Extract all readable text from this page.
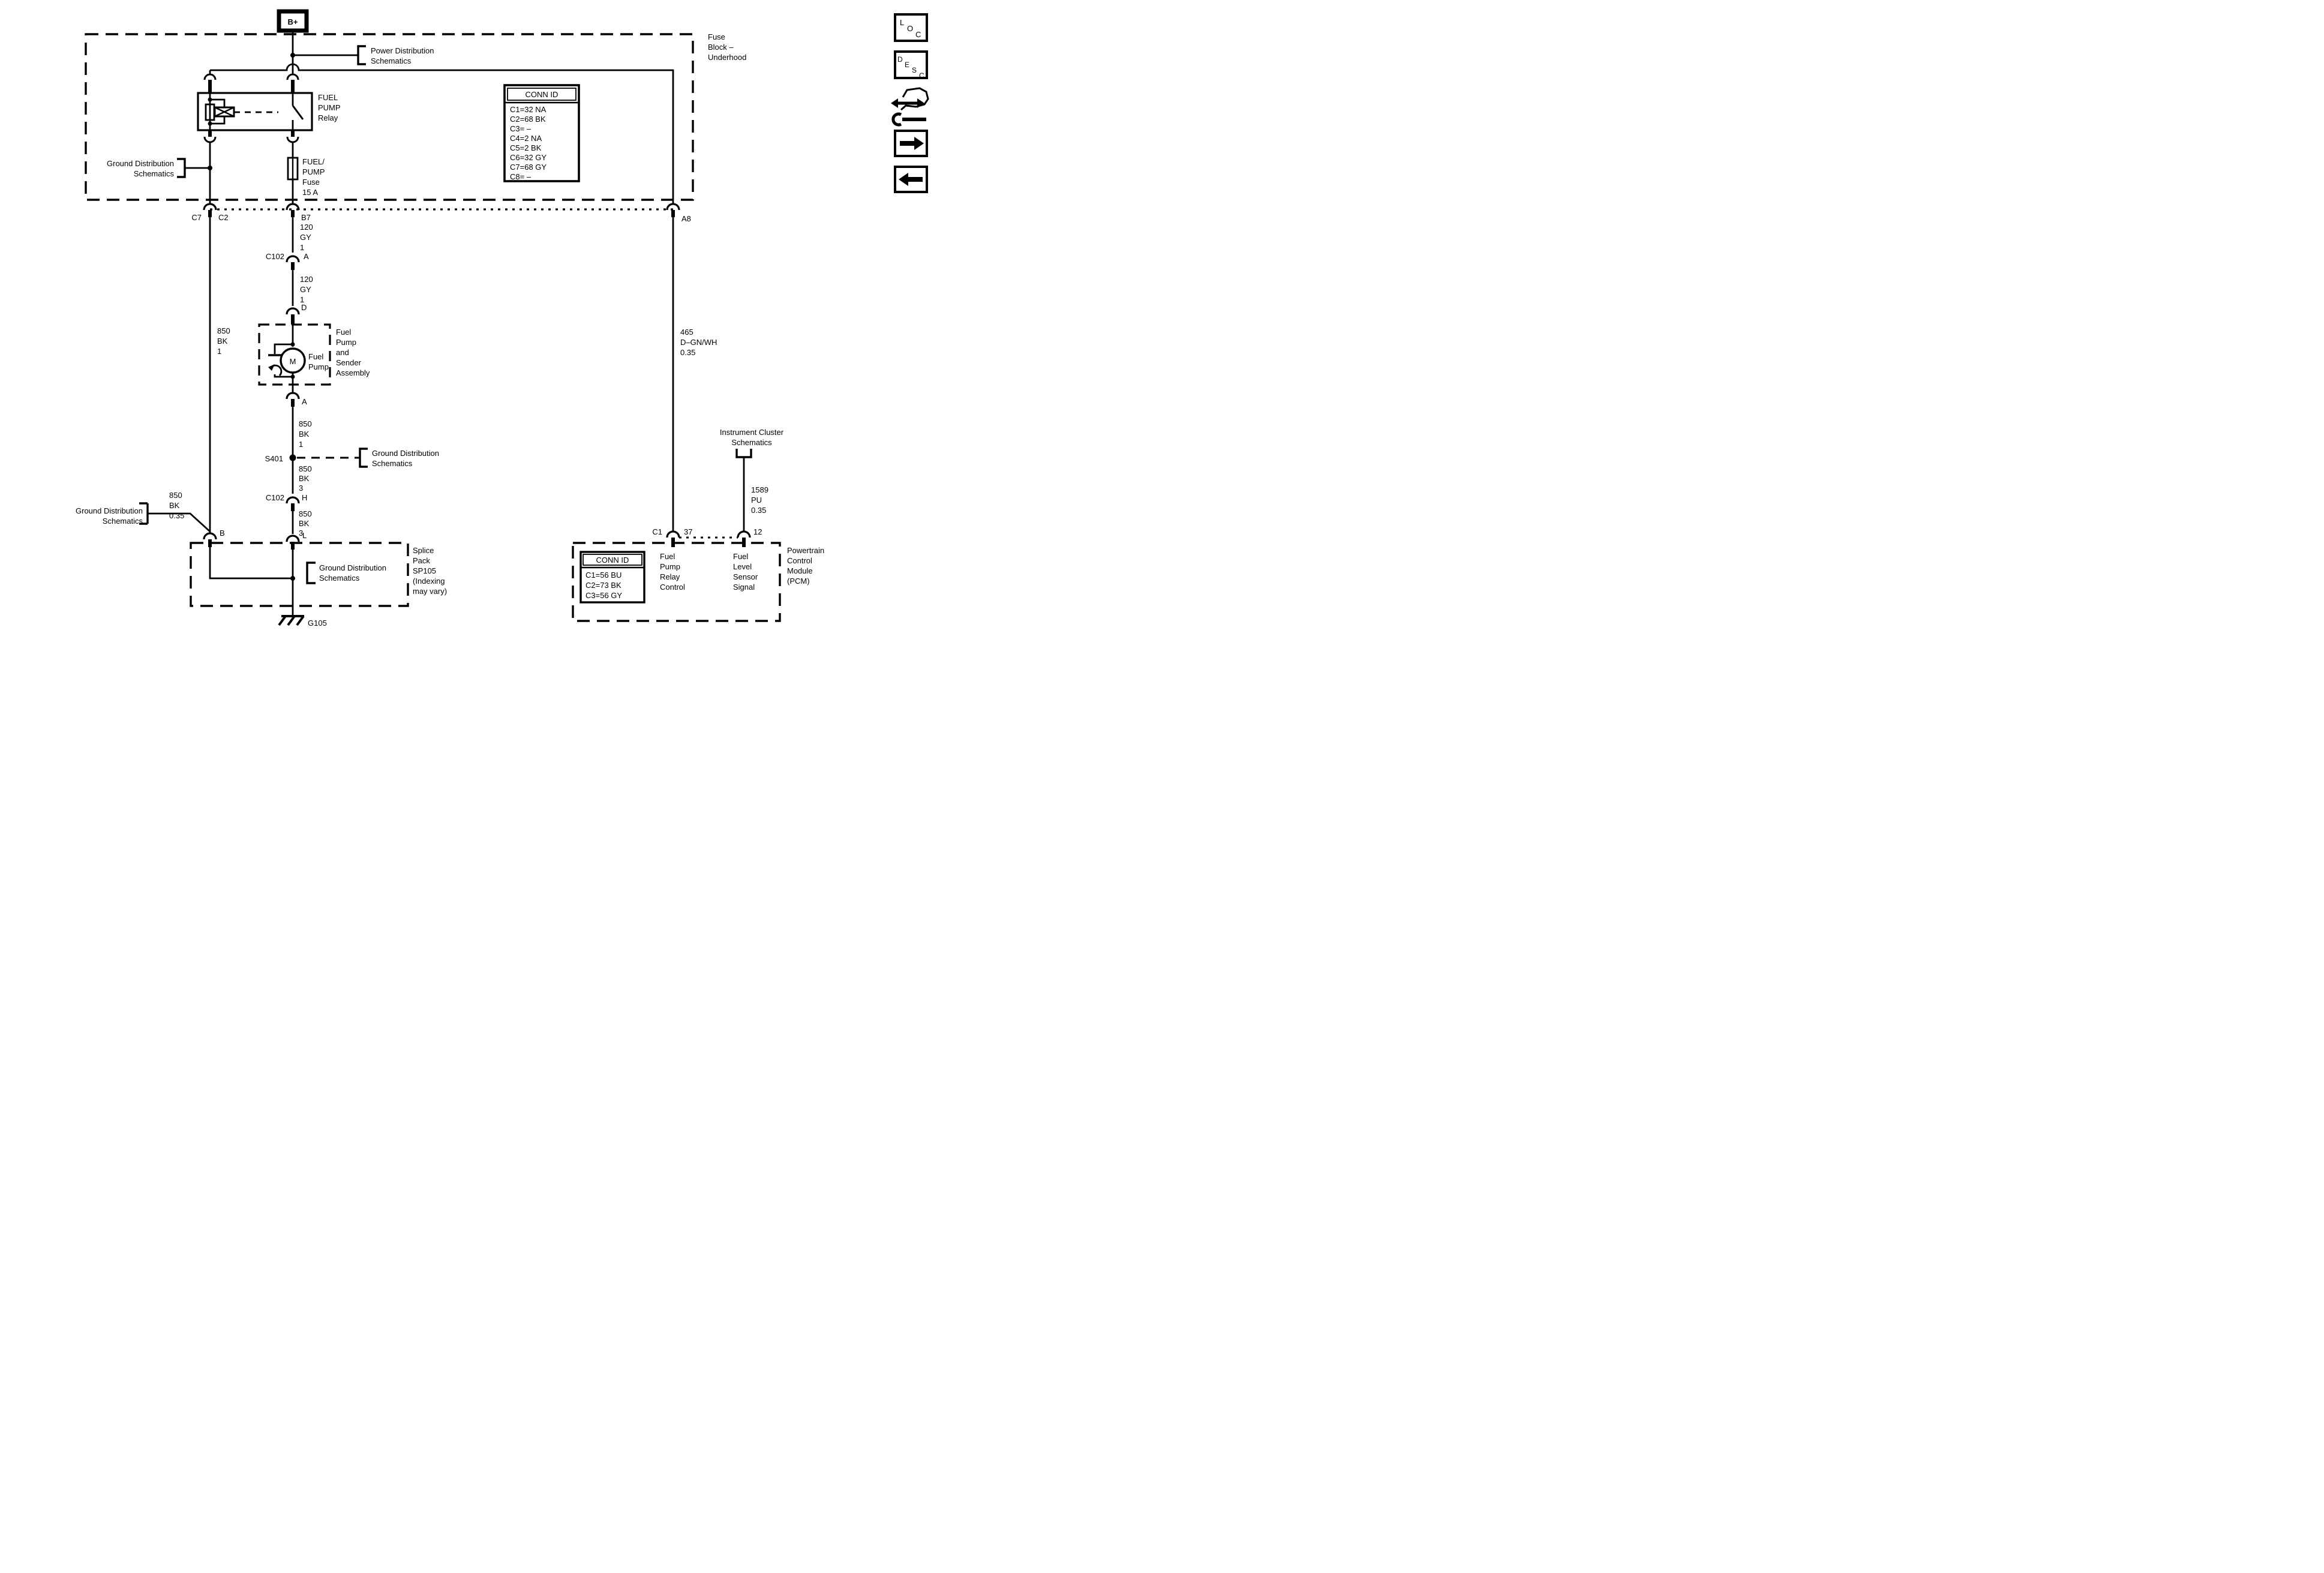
Fuse
Block –
Underhood
Power Distribution
Schematics
FUEL
PUMP
Relay
Ground Distribution
Schematics
FUEL/
PUMP
Fuse
15 A
CONN ID
C1=32 NA
C2=68 BK
C3= –
C4=2 NA
C5=2 BK
C6=32 GY
C7=68 GY
C8= –
C7 C2	B7	A8
850
BK
1
850
BK
0.35
Ground Distribution
Schematics
B
120
GY
1
C102 A
120
GY
1
D
M
Fuel
Pump
Fuel
Pump
and
Sender
Assembly
A
850
BK
1
S401
Ground Distribution
Schematics
850
BK
3
C102 H
850
BK
3
L
Ground Distribution
Schematics
Splice
Pack
SP105
(Indexing
may vary)
G105
465
D–GN/WH
0.35
Instrument Cluster
Schematics
1589
PU
0.35
C1	37	12
Powertrain
Control
Module
(PCM)
Fuel
Pump
Relay
Control
Fuel
Level
Sensor
Signal
CONN ID
C1=56 BU
C2=73 BK
C3=56 GY
B+	L
O
C
D
E
S
C
